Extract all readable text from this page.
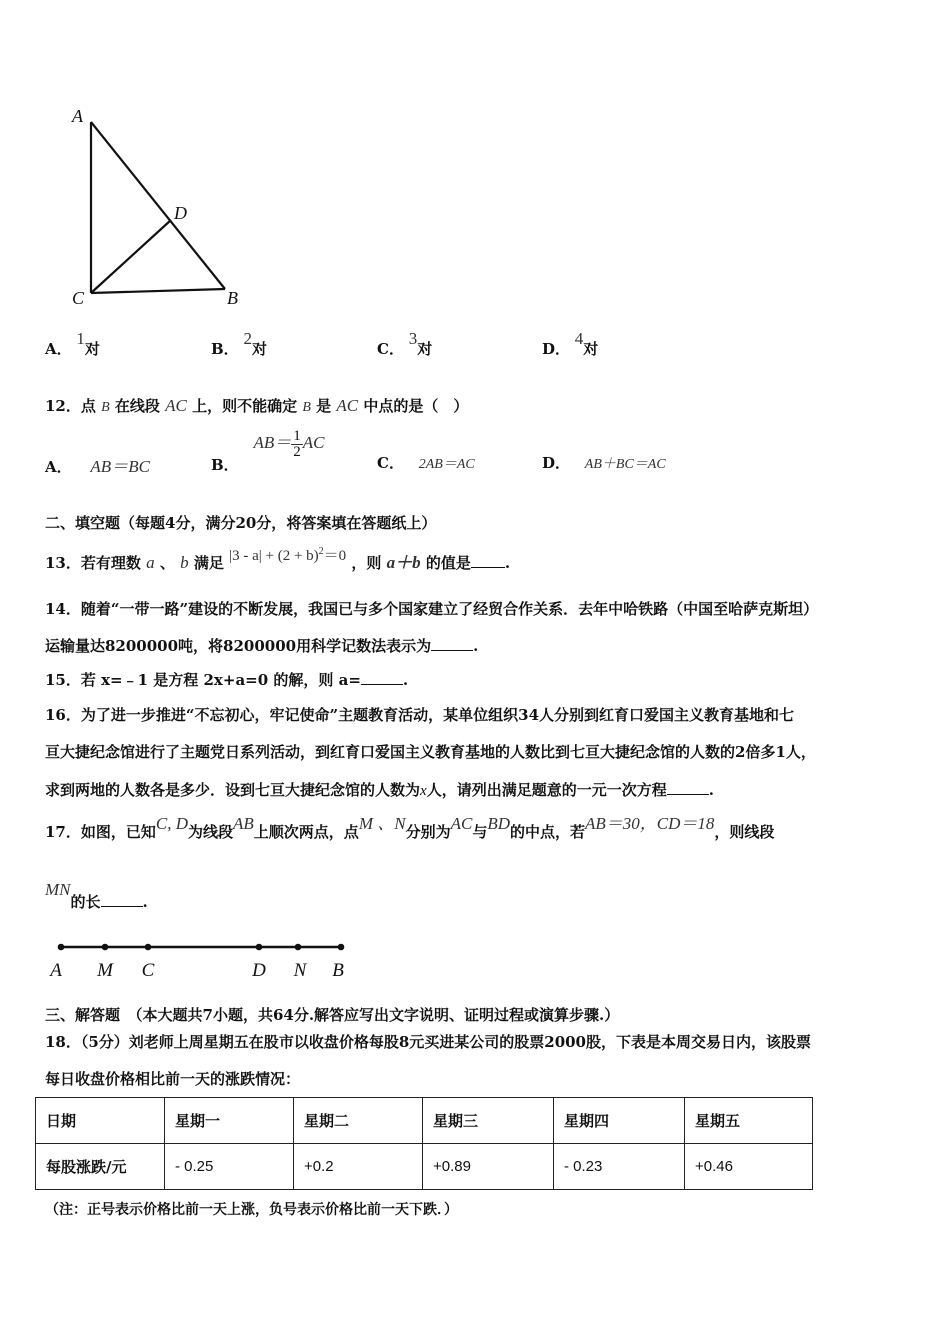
A
D
C	B
A． 1对	B． 2对	C． 3对	D． 4对
12．点 B 在线段 AC 上，则不能确定 B 是 AC 中点的是（　）
A． AB＝BC	B． $AB= \frac{1}{2}$ AC
C． 2AB＝AC	D． AB＋BC＝AC
二、填空题（每题4分，满分20分，将答案填在答题纸上）
13．若有理数 a 、 b 满足 $|3 - a| + (2 + b)^2=0$ ，则 a＋b 的值是 .
14．随着“一带一路”建设的不断发展，我国已与多个国家建立了经贸合作关系．去年中哈铁路（中国至哈萨克斯坦）
运输量达8200000吨，将8200000用科学记数法表示为	.
15．若 x=﹣1 是方程 2x+a=0 的解，则 a=	.
16．为了进一步推进“不忘初心，牢记使命”主题教育活动，某单位组织34人分别到红育口爱国主义教育基地和七
亘大捷纪念馆进行了主题党日系列活动，到红育口爱国主义教育基地的人数比到七亘大捷纪念馆的人数的2倍多1人，
求到两地的人数各是多少．设到七亘大捷纪念馆的人数为x人，请列出满足题意的一元一次方程	.
17．如图，已知C, D为线段AB上顺次两点，点M 、N分别为AC与BD的中点，若AB＝30，CD＝18，则线段
MN的长	.
A M C	D N B
三、解答题　（本大题共7小题，共64分.解答应写出文字说明、证明过程或演算步骤.）
18．（5分）刘老师上周星期五在股市以收盘价格每股8元买进某公司的股票2000股，下表是本周交易日内，该股票
每日收盘价格相比前一天的涨跌情况：
日期	星期一	星期二	星期三	星期四	星期五
每股涨跌/元	- 0.25	+0.2	+0.89	- 0.23	+0.46
（注：正号表示价格比前一天上涨，负号表示价格比前一天下跌．）
